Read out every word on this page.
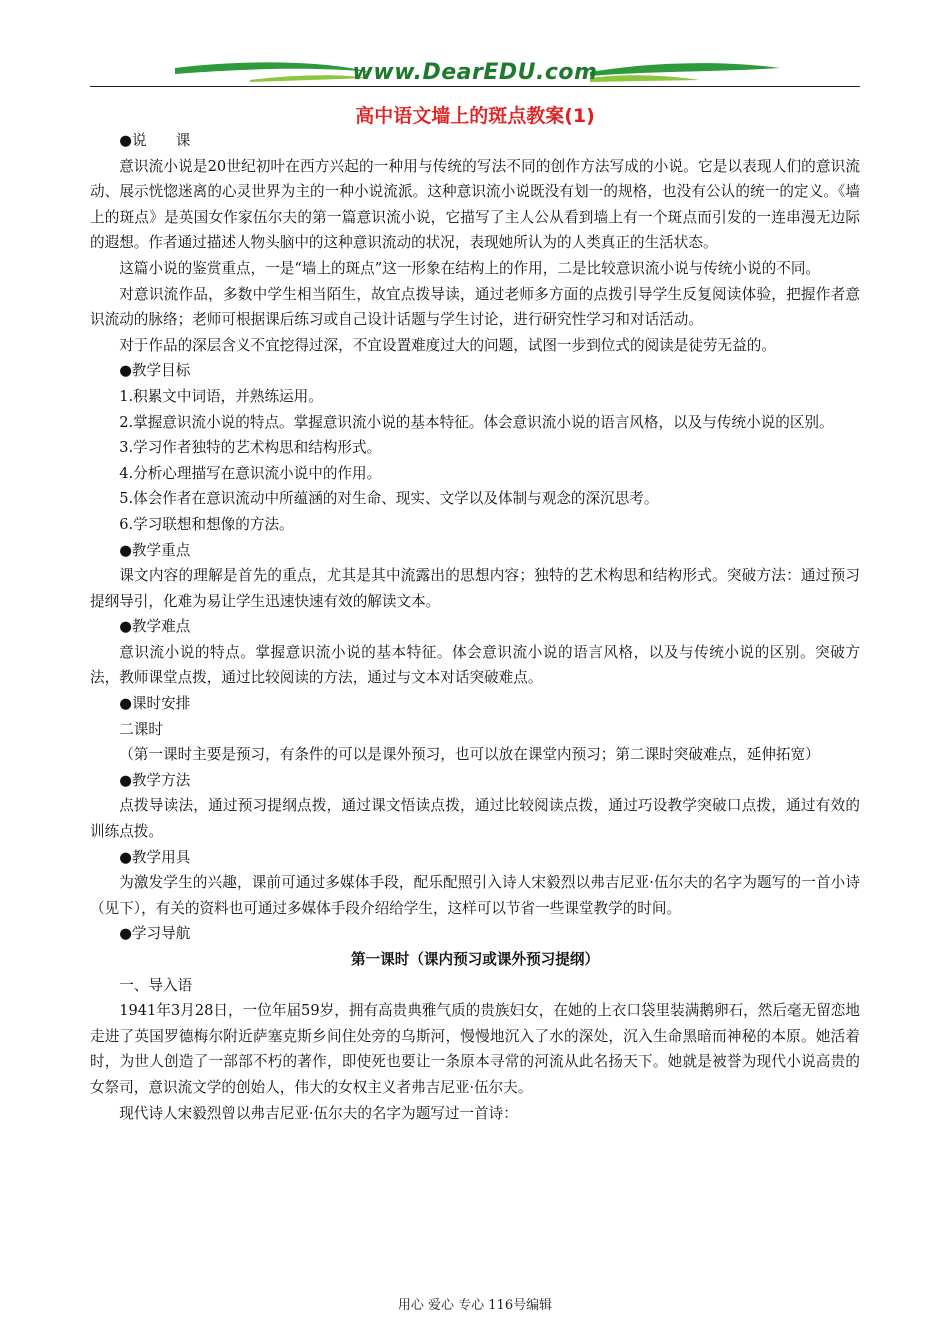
www.DearEDU.com
高中语文墙上的斑点教案(1)

●说　　课

意识流小说是20世纪初叶在西方兴起的一种用与传统的写法不同的创作方法写成的小说。它是以表现人们的意识流动、展示恍惚迷离的心灵世界为主的一种小说流派。这种意识流小说既没有划一的规格，也没有公认的统一的定义。《墙上的斑点》是英国女作家伍尔夫的第一篇意识流小说，它描写了主人公从看到墙上有一个斑点而引发的一连串漫无边际的遐想。作者通过描述人物头脑中的这种意识流动的状况，表现她所认为的人类真正的生活状态。

这篇小说的鉴赏重点，一是“墙上的斑点”这一形象在结构上的作用，二是比较意识流小说与传统小说的不同。

对意识流作品，多数中学生相当陌生，故宜点拨导读，通过老师多方面的点拨引导学生反复阅读体验，把握作者意识流动的脉络；老师可根据课后练习或自己设计话题与学生讨论，进行研究性学习和对话活动。

对于作品的深层含义不宜挖得过深，不宜设置难度过大的问题，试图一步到位式的阅读是徒劳无益的。

●教学目标

1.积累文中词语，并熟练运用。

2.掌握意识流小说的特点。掌握意识流小说的基本特征。体会意识流小说的语言风格，以及与传统小说的区别。

3.学习作者独特的艺术构思和结构形式。

4.分析心理描写在意识流小说中的作用。

5.体会作者在意识流动中所蕴涵的对生命、现实、文学以及体制与观念的深沉思考。

6.学习联想和想像的方法。

●教学重点

课文内容的理解是首先的重点，尤其是其中流露出的思想内容；独特的艺术构思和结构形式。突破方法：通过预习提纲导引，化难为易让学生迅速快速有效的解读文本。

●教学难点

意识流小说的特点。掌握意识流小说的基本特征。体会意识流小说的语言风格，以及与传统小说的区别。突破方法，教师课堂点拨，通过比较阅读的方法，通过与文本对话突破难点。

●课时安排

二课时

（第一课时主要是预习，有条件的可以是课外预习，也可以放在课堂内预习；第二课时突破难点，延伸拓宽）

●教学方法

点拨导读法，通过预习提纲点拨，通过课文悟读点拨，通过比较阅读点拨，通过巧设教学突破口点拨，通过有效的训练点拨。

●教学用具

为激发学生的兴趣，课前可通过多媒体手段，配乐配照引入诗人宋毅烈以弗吉尼亚·伍尔夫的名字为题写的一首小诗（见下），有关的资料也可通过多媒体手段介绍给学生，这样可以节省一些课堂教学的时间。

●学习导航

第一课时（课内预习或课外预习提纲）

一、导入语

1941年3月28日，一位年届59岁，拥有高贵典雅气质的贵族妇女，在她的上衣口袋里装满鹅卵石，然后毫无留恋地走进了英国罗德梅尔附近萨塞克斯乡间住处旁的乌斯河，慢慢地沉入了水的深处，沉入生命黑暗而神秘的本原。她活着时，为世人创造了一部部不朽的著作，即使死也要让一条原本寻常的河流从此名扬天下。她就是被誉为现代小说高贵的女祭司，意识流文学的创始人，伟大的女权主义者弗吉尼亚·伍尔夫。

现代诗人宋毅烈曾以弗吉尼亚·伍尔夫的名字为题写过一首诗：

用心 爱心 专心 116号编辑
